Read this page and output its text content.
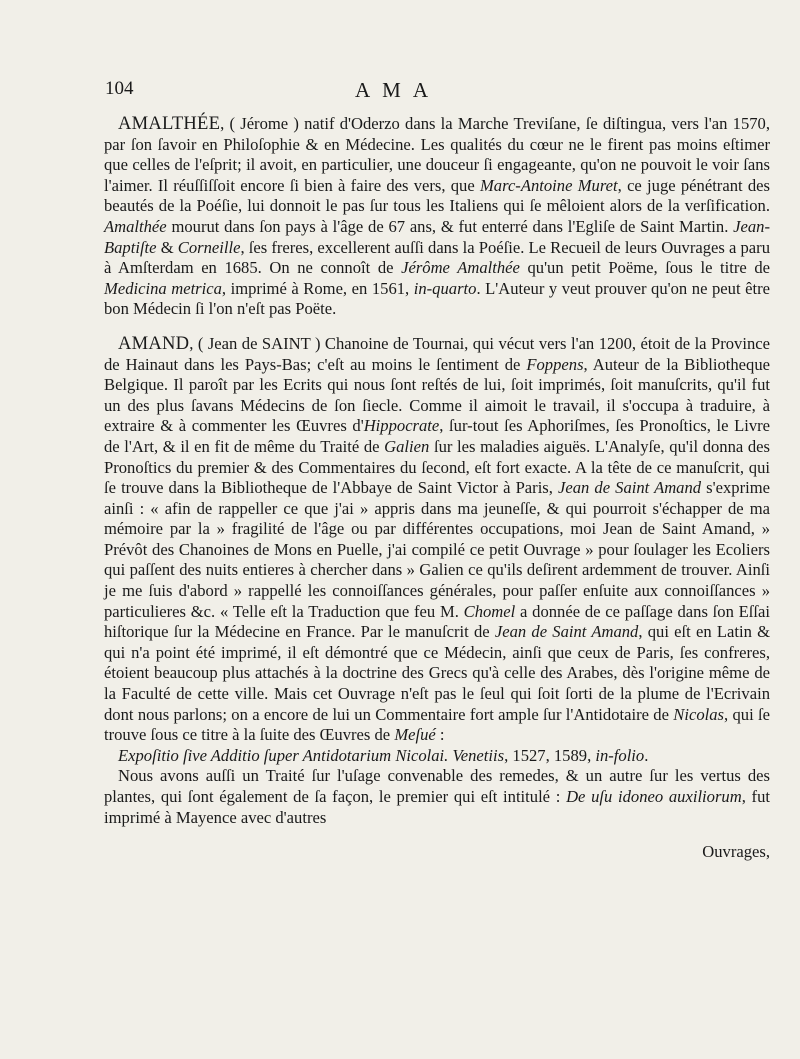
104	AMA

AMALTHÉE, ( Jérome ) natif d'Oderzo dans la Marche Treviſane, ſe diſtingua, vers l'an 1570, par ſon ſavoir en Philoſophie & en Médecine. Les qualités du cœur ne le firent pas moins eſtimer que celles de l'eſprit; il avoit, en particulier, une douceur ſi engageante, qu'on ne pouvoit le voir ſans l'aimer. Il réuſſiſſoit encore ſi bien à faire des vers, que Marc-Antoine Muret, ce juge pénétrant des beautés de la Poéſie, lui donnoit le pas ſur tous les Italiens qui ſe mêloient alors de la verſification. Amalthée mourut dans ſon pays à l'âge de 67 ans, & fut enterré dans l'Egliſe de Saint Martin. Jean-Baptiſte & Corneille, ſes freres, excellerent auſſi dans la Poéſie. Le Recueil de leurs Ouvrages a paru à Amſterdam en 1685. On ne connoît de Jérôme Amalthée qu'un petit Poëme, ſous le titre de Medicina metrica, imprimé à Rome, en 1561, in-quarto. L'Auteur y veut prouver qu'on ne peut être bon Médecin ſi l'on n'eſt pas Poëte.

AMAND, ( Jean de SAINT ) Chanoine de Tournai, qui vécut vers l'an 1200, étoit de la Province de Hainaut dans les Pays-Bas; c'eſt au moins le ſentiment de Foppens, Auteur de la Bibliotheque Belgique. Il paroît par les Ecrits qui nous ſont reſtés de lui, ſoit imprimés, ſoit manuſcrits, qu'il fut un des plus ſavans Médecins de ſon ſiecle. Comme il aimoit le travail, il s'occupa à traduire, à extraire & à commenter les Œuvres d'Hippocrate, ſur-tout ſes Aphoriſmes, ſes Pronoſtics, le Livre de l'Art, & il en fit de même du Traité de Galien ſur les maladies aiguës. L'Analyſe, qu'il donna des Pronoſtics du premier & des Commentaires du ſecond, eſt fort exacte. A la tête de ce manuſcrit, qui ſe trouve dans la Bibliotheque de l'Abbaye de Saint Victor à Paris, Jean de Saint Amand s'exprime ainſi : « afin de rappeller ce que j'ai » appris dans ma jeuneſſe, & qui pourroit s'échapper de ma mémoire par la » fragilité de l'âge ou par différentes occupations, moi Jean de Saint Amand, » Prévôt des Chanoines de Mons en Puelle, j'ai compilé ce petit Ouvrage » pour ſoulager les Ecoliers qui paſſent des nuits entieres à chercher dans » Galien ce qu'ils deſirent ardemment de trouver. Ainſi je me ſuis d'abord » rappellé les connoiſſances générales, pour paſſer enſuite aux connoiſſances » particulieres &c. « Telle eſt la Traduction que feu M. Chomel a donnée de ce paſſage dans ſon Eſſai hiſtorique ſur la Médecine en France. Par le manuſcrit de Jean de Saint Amand, qui eſt en Latin & qui n'a point été imprimé, il eſt démontré que ce Médecin, ainſi que ceux de Paris, ſes confreres, étoient beaucoup plus attachés à la doctrine des Grecs qu'à celle des Arabes, dès l'origine même de la Faculté de cette ville. Mais cet Ouvrage n'eſt pas le ſeul qui ſoit ſorti de la plume de l'Ecrivain dont nous parlons; on a encore de lui un Commentaire fort ample ſur l'Antidotaire de Nicolas, qui ſe trouve ſous ce titre à la ſuite des Œuvres de Meſué :

Expoſitio ſive Additio ſuper Antidotarium Nicolai. Venetiis, 1527, 1589, in-folio.

Nous avons auſſi un Traité ſur l'uſage convenable des remedes, & un autre ſur les vertus des plantes, qui ſont également de ſa façon, le premier qui eſt intitulé : De uſu idoneo auxiliorum, fut imprimé à Mayence avec d'autres

Ouvrages,
